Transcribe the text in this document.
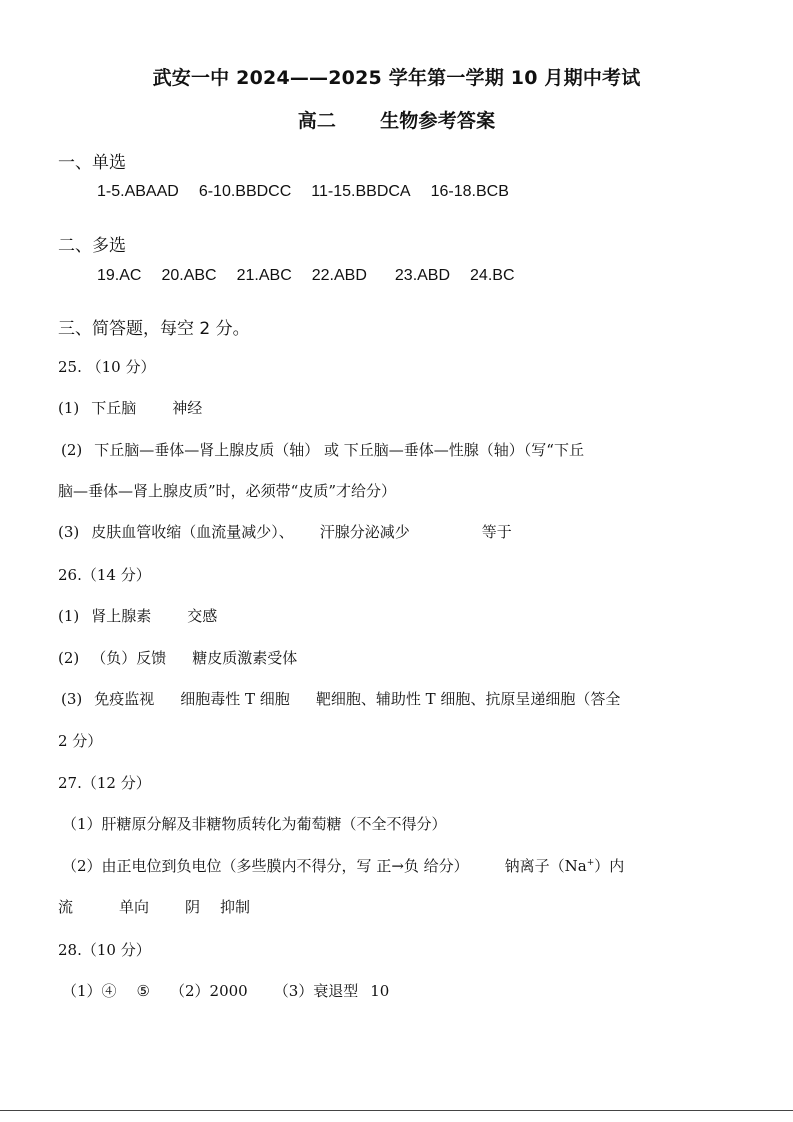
武安一中 2024——2025 学年第一学期 10 月期中考试
高二 生物参考答案
一、单选
1-5.ABAAD 6-10.BBDCC 11-15.BBDCA 16-18.BCB
二、多选
19.AC 20.ABC 21.ABC 22.ABD 23.ABD 24.BC
三、简答题，每空 2 分。
25. （10 分）
(1) 下丘脑 神经
(2) 下丘脑—垂体—肾上腺皮质（轴） 或 下丘脑—垂体—性腺（轴）（写“下丘
脑—垂体—肾上腺皮质”时，必须带“皮质”才给分）
(3) 皮肤血管收缩（血流量减少）、 汗腺分泌减少	等于
26.（14 分）
(1) 肾上腺素 交感
(2) （负）反馈 糖皮质激素受体
(3) 免疫监视 细胞毒性 T 细胞 靶细胞、辅助性 T 细胞、抗原呈递细胞（答全
2 分）
27.（12 分）
（1）肝糖原分解及非糖物质转化为葡萄糖（不全不得分）
（2）由正电位到负电位（多些膜内不得分，写 正→负 给分） 钠离子（Na+）内
流	单向 阴 抑制
28.（10 分）
（1）④ ⑤ （2）2000 （3）衰退型 10
